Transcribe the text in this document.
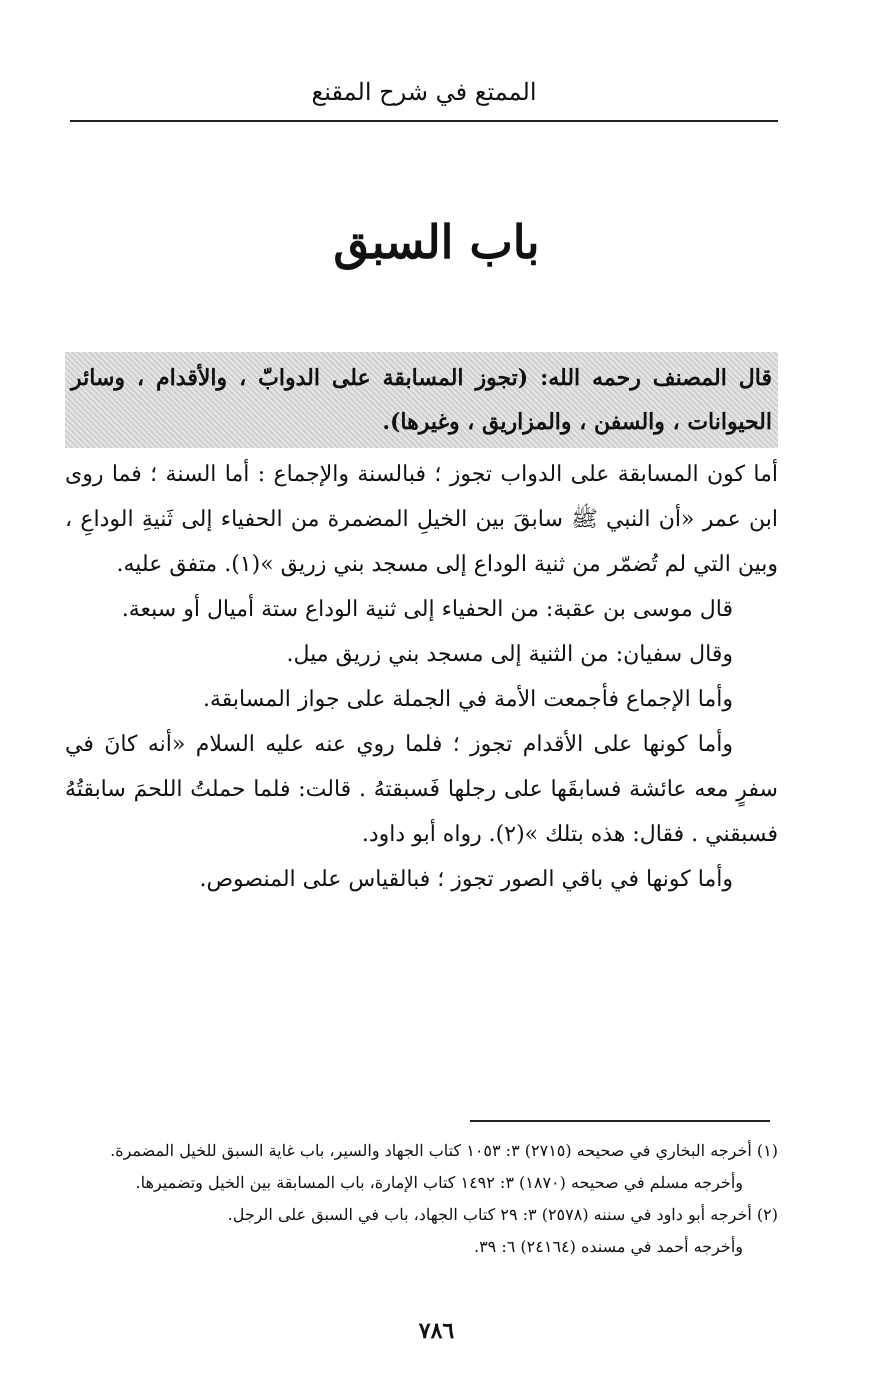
الممتع في شرح المقنع
باب السبق
قال المصنف رحمه الله: (تجوز المسابقة على الدوابّ ، والأقدام ، وسائر الحيوانات ، والسفن ، والمزاريق ، وغيرها).

أما كون المسابقة على الدواب تجوز ؛ فبالسنة والإجماع : أما السنة ؛ فما روى ابن عمر «أن النبي ﷺ سابقَ بين الخيلِ المضمرة من الحفياء إلى ثَنيةِ الوداعِ ، وبين التي لم تُضمّر من ثنية الوداع إلى مسجد بني زريق »(١). متفق عليه.

قال موسى بن عقبة: من الحفياء إلى ثنية الوداع ستة أميال أو سبعة.

وقال سفيان: من الثنية إلى مسجد بني زريق ميل.

وأما الإجماع فأجمعت الأمة في الجملة على جواز المسابقة.

وأما كونها على الأقدام تجوز ؛ فلما روي عنه عليه السلام «أنه كانَ في سفرٍ معه عائشة فسابقَها على رجلها فَسبقتهُ . قالت: فلما حملتُ اللحمَ سابقتُهُ فسبقني . فقال: هذه بتلك »(٢). رواه أبو داود.

وأما كونها في باقي الصور تجوز ؛ فبالقياس على المنصوص.

(١) أخرجه البخاري في صحيحه (٢٧١٥) ٣: ١٠٥٣ كتاب الجهاد والسير، باب غاية السبق للخيل المضمرة.

وأخرجه مسلم في صحيحه (١٨٧٠) ٣: ١٤٩٢ كتاب الإمارة، باب المسابقة بين الخيل وتضميرها.

(٢) أخرجه أبو داود في سننه (٢٥٧٨) ٣: ٢٩ كتاب الجهاد، باب في السبق على الرجل.

وأخرجه أحمد في مسنده (٢٤١٦٤) ٦: ٣٩.

٧٨٦
